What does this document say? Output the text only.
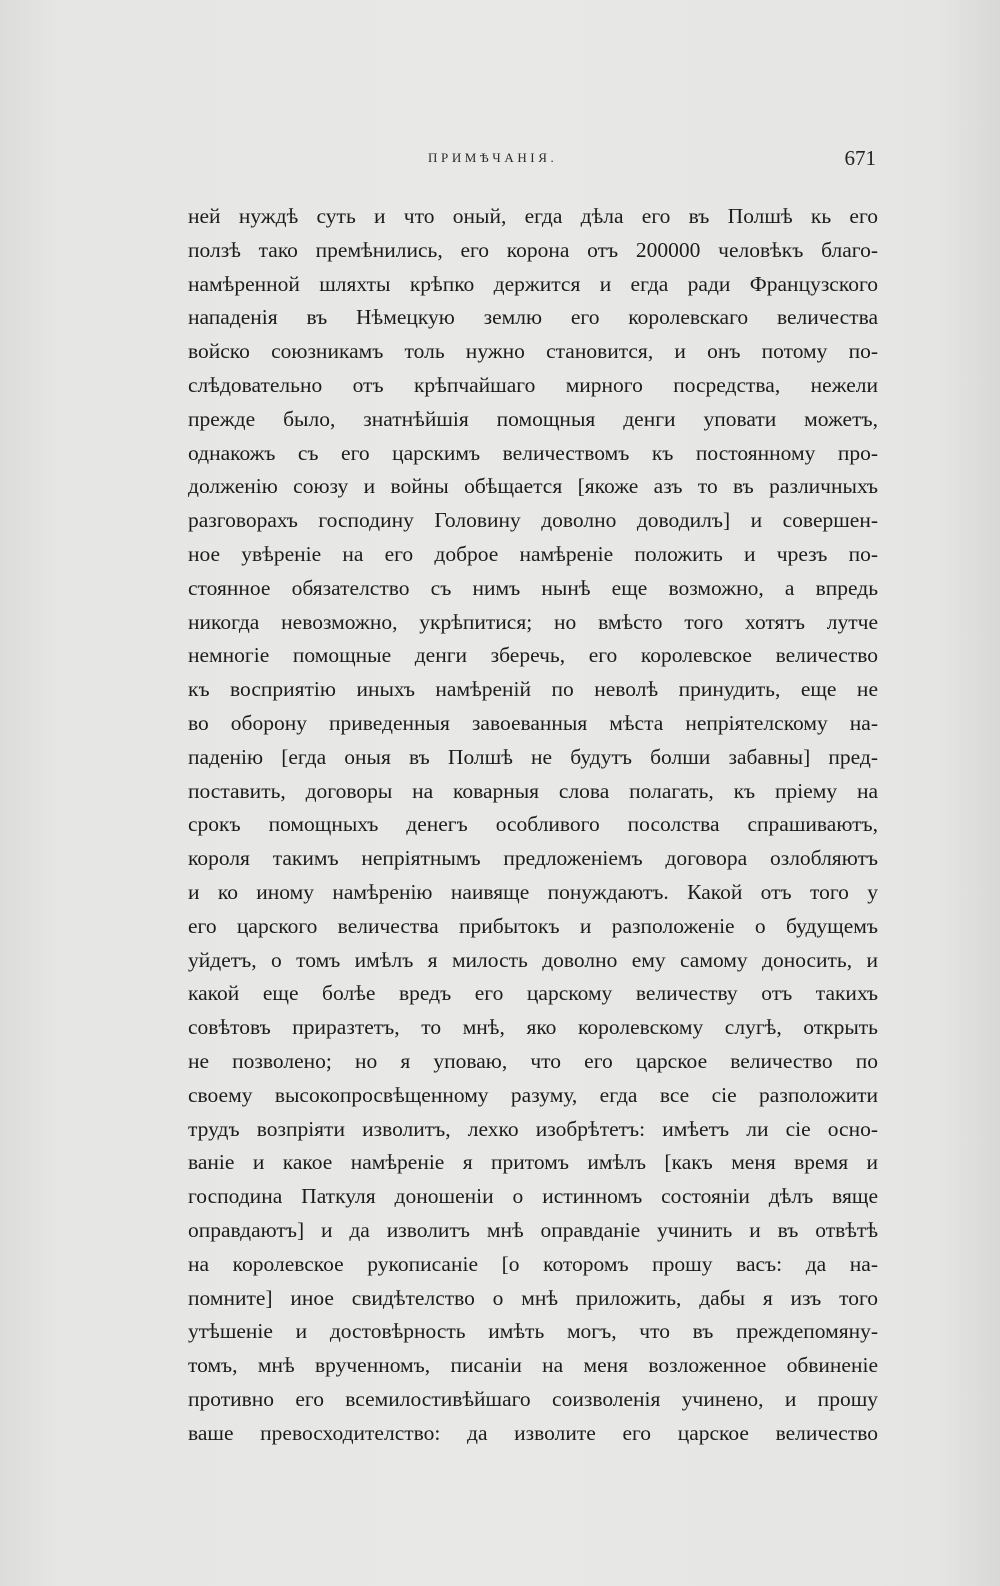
ПРИМѢЧАНІЯ.	671
ней нуждѣ суть и что оный, егда дѣла его въ Полшѣ кь его
ползѣ тако премѣнились, его корона отъ 200000 человѣкъ благо-
намѣренной шляхты крѣпко держится и егда ради Французского
нападенія въ Нѣмецкую землю его королевскаго величества
войско союзникамъ толь нужно становится, и онъ потому по-
слѣдовательно отъ крѣпчайшаго мирного посредства, нежели
прежде было, знатнѣйшія помощныя денги уповати можетъ,
однакожъ съ его царскимъ величествомъ къ постоянному про-
долженію союзу и войны обѣщается [якоже азъ то въ различныхъ
разговорахъ господину Головину доволно доводилъ] и совершен-
ное увѣреніе на его доброе намѣреніе положить и чрезъ по-
стоянное обязателство съ нимъ нынѣ еще возможно, а впредь
никогда невозможно, укрѣпитися; но вмѣсто того хотятъ лутче
немногіе помощные денги зберечь, его королевское величество
къ восприятію иныхъ намѣреній по неволѣ принудить, еще не
во оборону приведенныя завоеванныя мѣста непріятелскому на-
паденію [егда оныя въ Полшѣ не будутъ болши забавны] пред-
поставить, договоры на коварныя слова полагать, къ пріему на
срокъ помощныхъ денегъ особливого посолства спрашиваютъ,
короля такимъ непріятнымъ предложеніемъ договора озлобляютъ
и ко иному намѣренію наивяще понуждаютъ. Какой отъ того у
его царского величества прибытокъ и разположеніе о будущемъ
уйдетъ, о томъ имѣлъ я милость доволно ему самому доносить, и
какой еще болѣе вредъ его царскому величеству отъ такихъ
совѣтовъ приразтетъ, то мнѣ, яко королевскому слугѣ, открыть
не позволено; но я уповаю, что его царское величество по
своему высокопросвѣщенному разуму, егда все сіе разположити
трудъ возпріяти изволитъ, лехко изобрѣтетъ: имѣетъ ли сіе осно-
ваніе и какое намѣреніе я притомъ имѣлъ [какъ меня время и
господина Паткуля доношеніи о истинномъ состояніи дѣлъ вяще
оправдаютъ] и да изволитъ мнѣ оправданіе учинить и въ отвѣтѣ
на королевское рукописаніе [о которомъ прошу васъ: да на-
помните] иное свидѣтелство о мнѣ приложить, дабы я изъ того
утѣшеніе и достовѣрность имѣть могъ, что въ преждепомяну-
томъ, мнѣ врученномъ, писаніи на меня возложенное обвиненіе
противно его всемилостивѣйшаго соизволенія учинено, и прошу
ваше превосходителство: да изволите его царское величество
